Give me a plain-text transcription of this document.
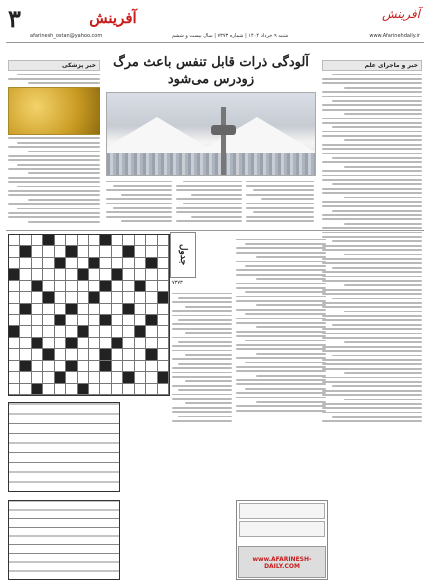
۳	آفرینش
afarinesh_ostan@yahoo.com
آفرینش
www.Afarinehdaily.ir
شنبه ۹ خرداد ۱۴۰۴ | شماره ۷۳۷۳ | سال بیست و ششم
خبر و ماجرای علم
خبر پزشکی	آلودگی ذرات قابل تنفس باعث مرگ زودرس می‌شود
جدول
۷۳۷۳
www.AFARINESH-DAILY.COM
